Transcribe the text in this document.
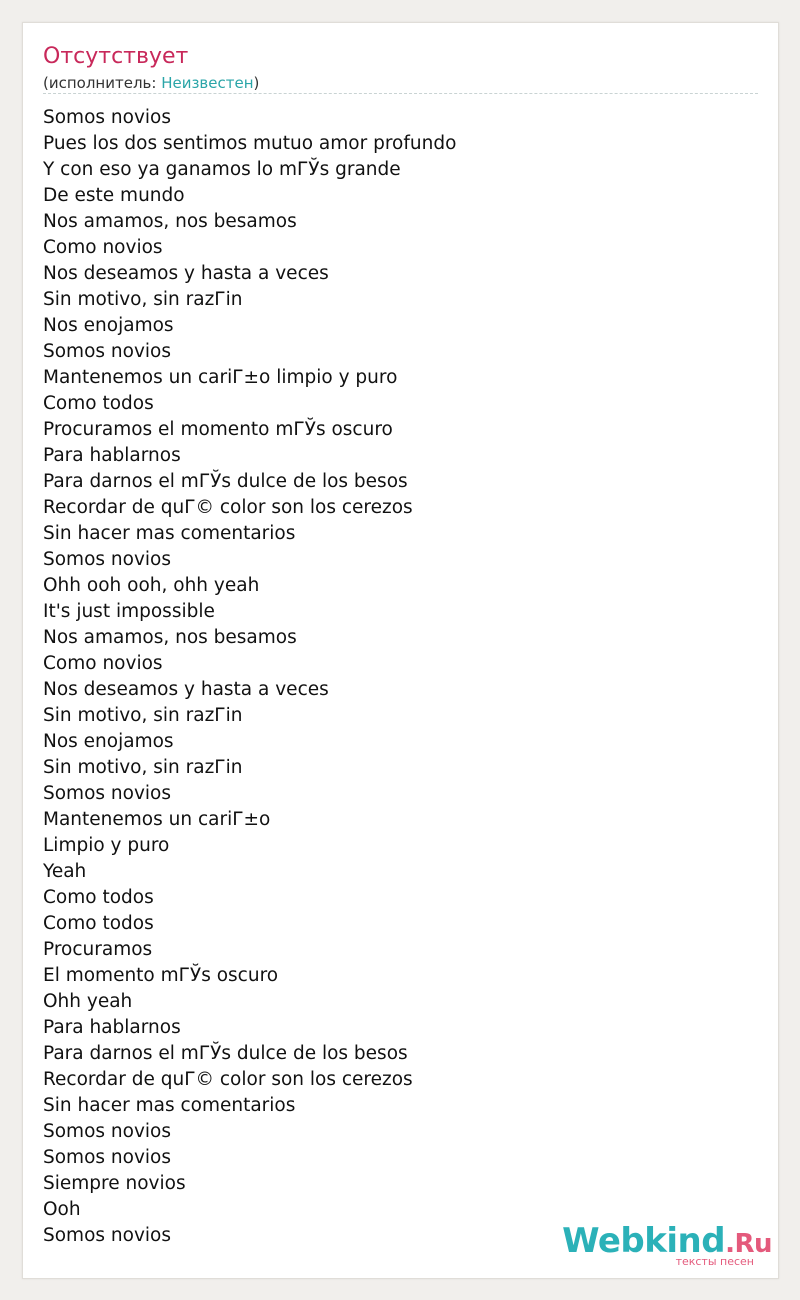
Отсутствует
(исполнитель: Неизвестен)
Somos novios
Pues los dos sentimos mutuo amor profundo
Y con eso ya ganamos lo mГЎs grande
De este mundo
Nos amamos, nos besamos
Como novios
Nos deseamos y hasta a veces
Sin motivo, sin razГіn
Nos enojamos
Somos novios
Mantenemos un cariГ±o limpio y puro
Como todos
Procuramos el momento mГЎs oscuro
Para hablarnos
Para darnos el mГЎs dulce de los besos
Recordar de quГ© color son los cerezos
Sin hacer mas comentarios
Somos novios
Ohh ooh ooh, ohh yeah
It's just impossible
Nos amamos, nos besamos
Como novios
Nos deseamos y hasta a veces
Sin motivo, sin razГіn
Nos enojamos
Sin motivo, sin razГіn
Somos novios
Mantenemos un cariГ±o
Limpio y puro
Yeah
Como todos
Como todos
Procuramos
El momento mГЎs oscuro
Ohh yeah
Para hablarnos
Para darnos el mГЎs dulce de los besos
Recordar de quГ© color son los cerezos
Sin hacer mas comentarios
Somos novios
Somos novios
Siempre novios
Ooh
Somos novios	Webkind.Ru
тексты песен
